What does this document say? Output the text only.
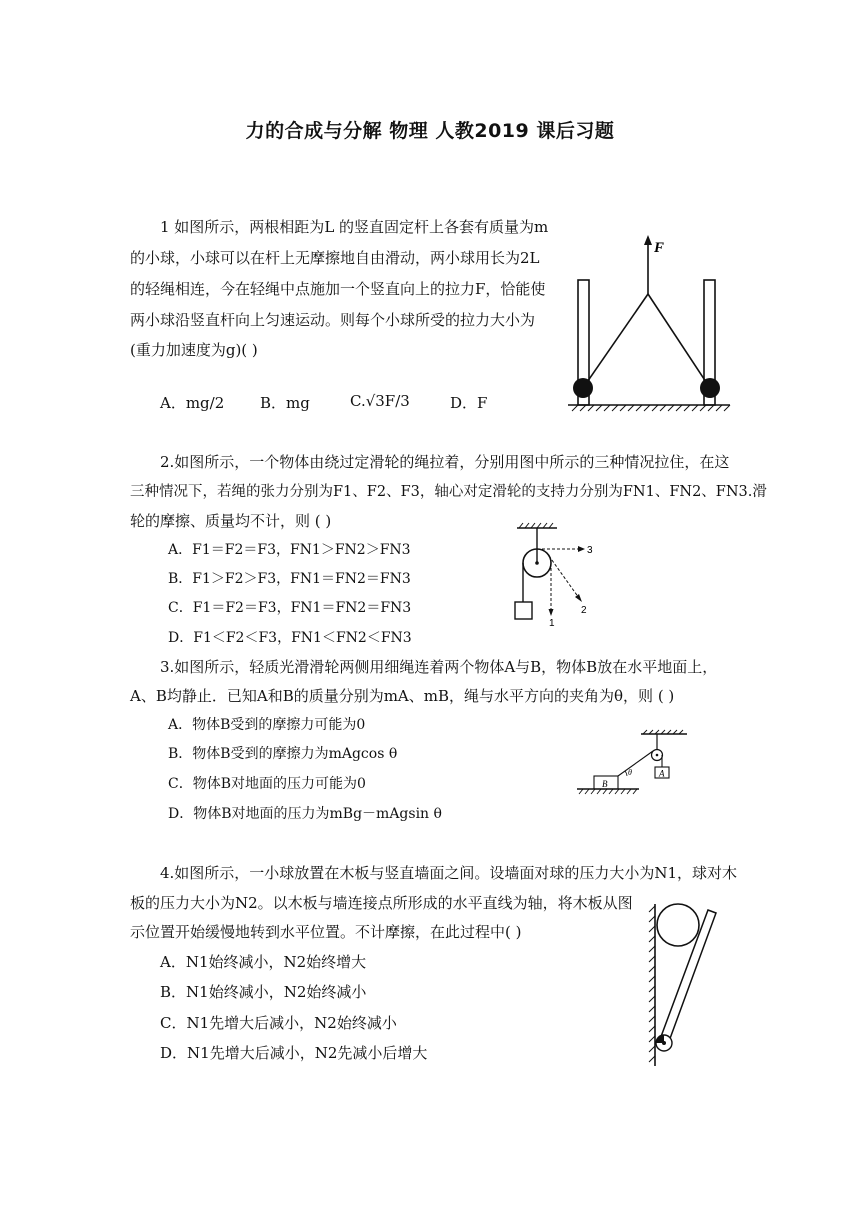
力的合成与分解 物理 人教2019 课后习题
1 如图所示，两根相距为L 的竖直固定杆上各套有质量为m
的小球，小球可以在杆上无摩擦地自由滑动，两小球用长为2L
的轻绳相连，今在轻绳中点施加一个竖直向上的拉力F，恰能使
两小球沿竖直杆向上匀速运动。则每个小球所受的拉力大小为
(重力加速度为g)( )
A．mg/2 B．mg	C.√3F/3	D．F
F
2.如图所示，一个物体由绕过定滑轮的绳拉着，分别用图中所示的三种情况拉住，在这
三种情况下，若绳的张力分别为F1、F2、F3，轴心对定滑轮的支持力分别为FN1、FN2、FN3.滑
轮的摩擦、质量均不计，则 ( )
A．F1＝F2＝F3，FN1＞FN2＞FN3
B．F1＞F2＞F3，FN1＝FN2＝FN3
C．F1＝F2＝F3，FN1＝FN2＝FN3
D．F1＜F2＜F3，FN1＜FN2＜FN3
1
2
3
3.如图所示，轻质光滑滑轮两侧用细绳连着两个物体A与B，物体B放在水平地面上，
A、B均静止．已知A和B的质量分别为mA、mB，绳与水平方向的夹角为θ，则 ( )
A．物体B受到的摩擦力可能为0
B．物体B受到的摩擦力为mAgcos θ
C．物体B对地面的压力可能为0
D．物体B对地面的压力为mBg－mAgsin θ
A
θ
B
4.如图所示，一小球放置在木板与竖直墙面之间。设墙面对球的压力大小为N1，球对木
板的压力大小为N2。以木板与墙连接点所形成的水平直线为轴，将木板从图
示位置开始缓慢地转到水平位置。不计摩擦，在此过程中( )
A．N1始终减小，N2始终增大
B．N1始终减小，N2始终减小
C．N1先增大后减小，N2始终减小
D．N1先增大后减小，N2先减小后增大
